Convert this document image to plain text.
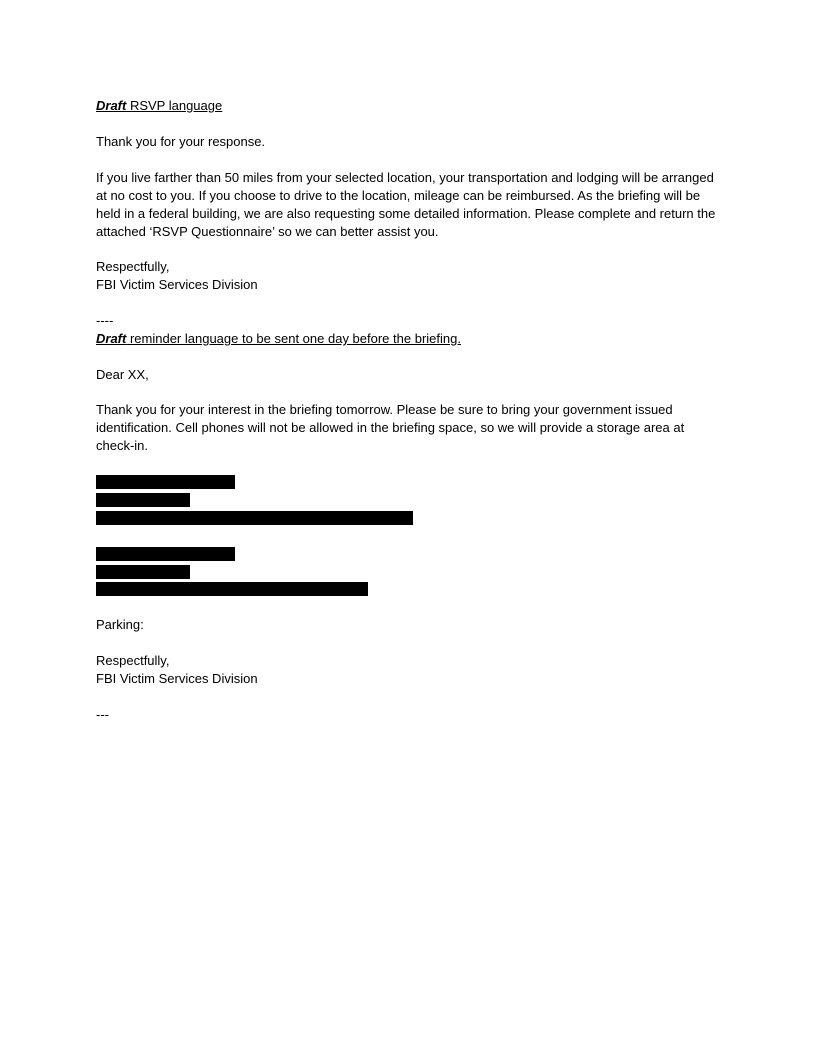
Draft RSVP language
Thank you for your response.
If you live farther than 50 miles from your selected location, your transportation and lodging will be arranged at no cost to you. If you choose to drive to the location, mileage can be reimbursed. As the briefing will be held in a federal building, we are also requesting some detailed information. Please complete and return the attached ‘RSVP Questionnaire’ so we can better assist you.
Respectfully,
FBI Victim Services Division
----
Draft reminder language to be sent one day before the briefing.
Dear XX,
Thank you for your interest in the briefing tomorrow. Please be sure to bring your government issued identification. Cell phones will not be allowed in the briefing space, so we will provide a storage area at check-in.
Parking:
Respectfully,
FBI Victim Services Division
---
